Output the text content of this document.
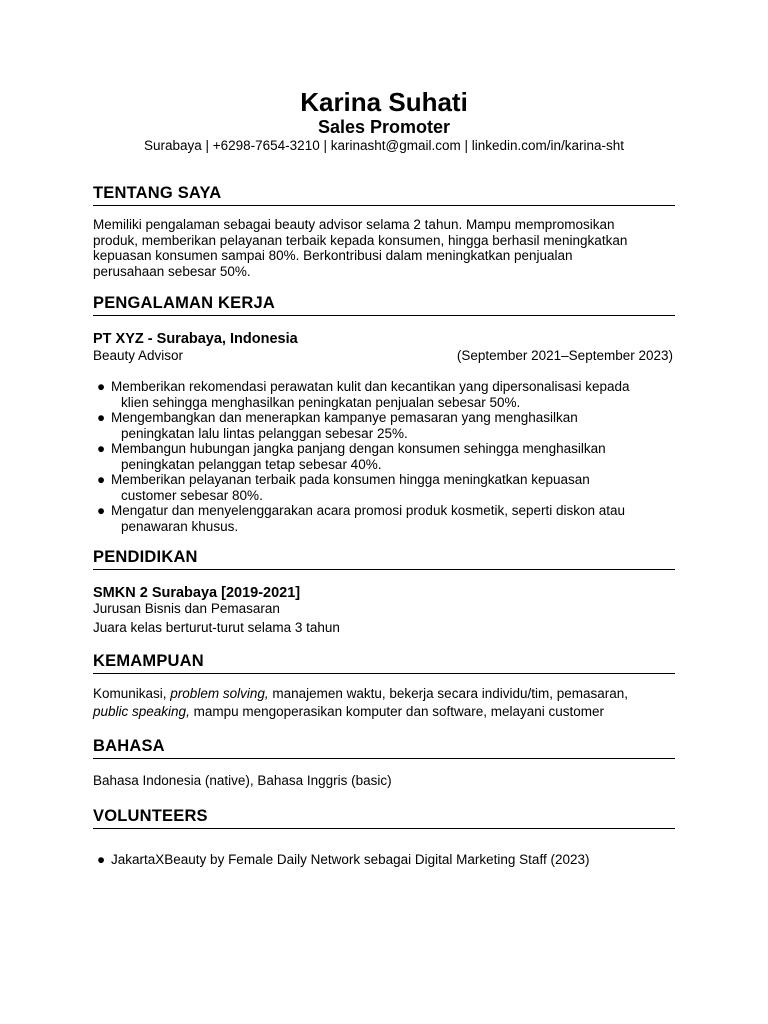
Karina Suhati
Sales Promoter
Surabaya | +6298-7654-3210 | karinasht@gmail.com | linkedin.com/in/karina-sht
TENTANG SAYA
Memiliki pengalaman sebagai beauty advisor selama 2 tahun. Mampu mempromosikan
produk, memberikan pelayanan terbaik kepada konsumen, hingga berhasil meningkatkan
kepuasan konsumen sampai 80%. Berkontribusi dalam meningkatkan penjualan
perusahaan sebesar 50%.
PENGALAMAN KERJA
PT XYZ - Surabaya, Indonesia
Beauty Advisor	(September 2021–September 2023)
● Memberikan rekomendasi perawatan kulit dan kecantikan yang dipersonalisasi kepada
klien sehingga menghasilkan peningkatan penjualan sebesar 50%.
● Mengembangkan dan menerapkan kampanye pemasaran yang menghasilkan
peningkatan lalu lintas pelanggan sebesar 25%.
● Membangun hubungan jangka panjang dengan konsumen sehingga menghasilkan
peningkatan pelanggan tetap sebesar 40%.
● Memberikan pelayanan terbaik pada konsumen hingga meningkatkan kepuasan
customer sebesar 80%.
● Mengatur dan menyelenggarakan acara promosi produk kosmetik, seperti diskon atau
penawaran khusus.
PENDIDIKAN
SMKN 2 Surabaya [2019-2021]
Jurusan Bisnis dan Pemasaran
Juara kelas berturut-turut selama 3 tahun
KEMAMPUAN
Komunikasi, problem solving, manajemen waktu, bekerja secara individu/tim, pemasaran,
public speaking, mampu mengoperasikan komputer dan software, melayani customer
BAHASA
Bahasa Indonesia (native), Bahasa Inggris (basic)
VOLUNTEERS
● JakartaXBeauty by Female Daily Network sebagai Digital Marketing Staff (2023)
